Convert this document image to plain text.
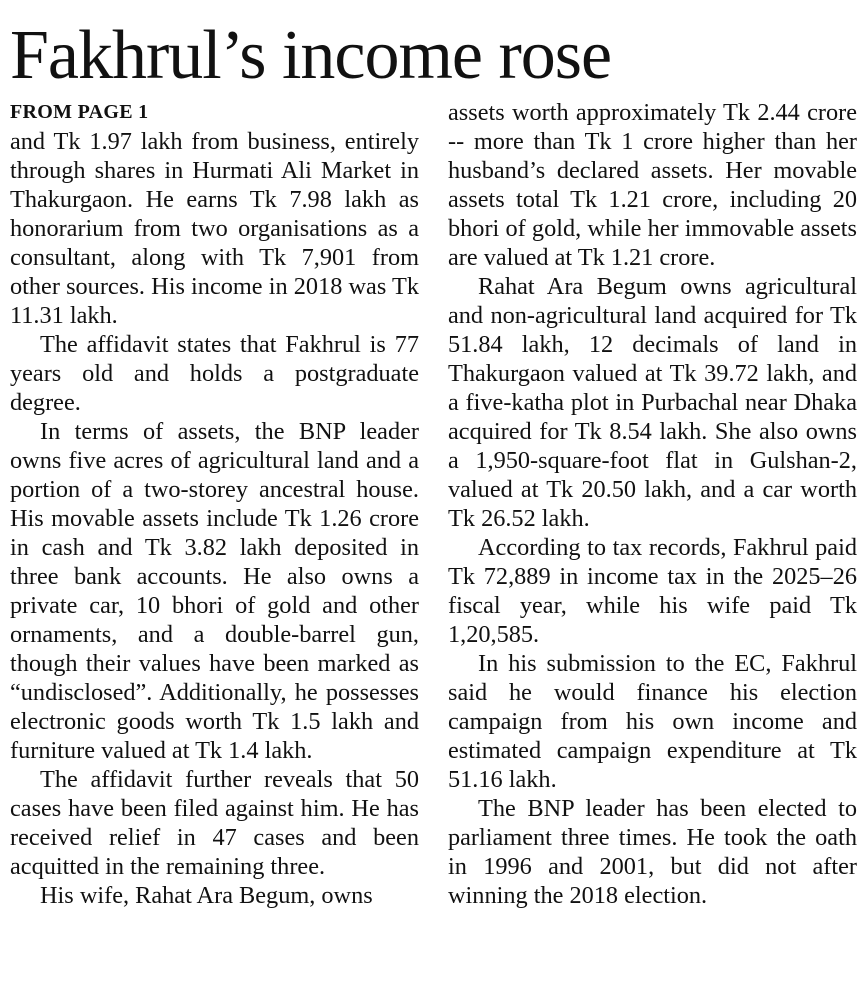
Fakhrul’s income rose
FROM PAGE 1

and Tk 1.97 lakh from business, entirely through shares in Hurmati Ali Market in Thakurgaon. He earns Tk 7.98 lakh as honorarium from two organisations as a consultant, along with Tk 7,901 from other sources. His income in 2018 was Tk 11.31 lakh.

The affidavit states that Fakhrul is 77 years old and holds a postgraduate degree.

In terms of assets, the BNP leader owns five acres of agricultural land and a portion of a two-storey ancestral house. His movable assets include Tk 1.26 crore in cash and Tk 3.82 lakh deposited in three bank accounts. He also owns a private car, 10 bhori of gold and other ornaments, and a double-barrel gun, though their values have been marked as “undisclosed”. Additionally, he possesses electronic goods worth Tk 1.5 lakh and furniture valued at Tk 1.4 lakh.

The affidavit further reveals that 50 cases have been filed against him. He has received relief in 47 cases and been acquitted in the remaining three.

His wife, Rahat Ara Begum, owns

assets worth approximately Tk 2.44 crore -- more than Tk 1 crore higher than her husband’s declared assets. Her movable assets total Tk 1.21 crore, including 20 bhori of gold, while her immovable assets are valued at Tk 1.21 crore.

Rahat Ara Begum owns agricultural and non-agricultural land acquired for Tk 51.84 lakh, 12 decimals of land in Thakurgaon valued at Tk 39.72 lakh, and a five-katha plot in Purbachal near Dhaka acquired for Tk 8.54 lakh. She also owns a 1,950-square-foot flat in Gulshan-2, valued at Tk 20.50 lakh, and a car worth Tk 26.52 lakh.

According to tax records, Fakhrul paid Tk 72,889 in income tax in the 2025–26 fiscal year, while his wife paid Tk 1,20,585.

In his submission to the EC, Fakhrul said he would finance his election campaign from his own income and estimated campaign expenditure at Tk 51.16 lakh.

The BNP leader has been elected to parliament three times. He took the oath in 1996 and 2001, but did not after winning the 2018 election.
